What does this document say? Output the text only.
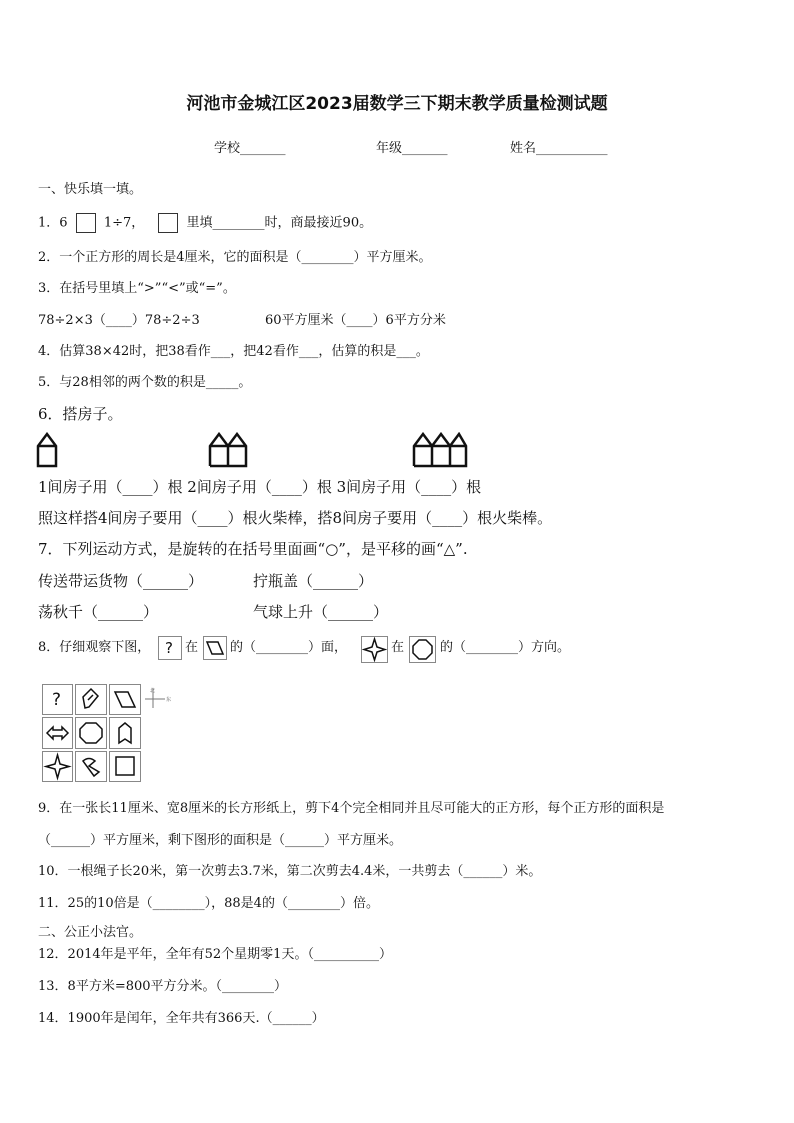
河池市金城江区2023届数学三下期末教学质量检测试题
学校_______	年级_______	姓名___________
一、快乐填一填。
1．6	1÷7，	里填________时，商最接近90。
2．一个正方形的周长是4厘米，它的面积是（________）平方厘米。
3．在括号里填上“>”“<”或“=”。
78÷2×3（____）78÷2÷3	60平方厘米（____）6平方分米
4．估算38×42时，把38看作___，把42看作___，估算的积是___。
5．与28相邻的两个数的积是_____。
6．搭房子。
1间房子用（____）根 2间房子用（____）根 3间房子用（____）根
照这样搭4间房子要用（____）根火柴棒，搭8间房子要用（____）根火柴棒。
7．下列运动方式，是旋转的在括号里面画“○”，是平移的画“△”.
传送带运货物（______）	拧瓶盖（______）
荡秋千（______）	气球上升（______）
8．仔细观察下图， ? 在 的（________）面，	在	的（________）方向。
?	北
东
9．在一张长11厘米、宽8厘米的长方形纸上，剪下4个完全相同并且尽可能大的正方形，每个正方形的面积是
（______）平方厘米，剩下图形的面积是（______）平方厘米。
10．一根绳子长20米，第一次剪去3.7米，第二次剪去4.4米，一共剪去（______）米。
11．25的10倍是（________），88是4的（________）倍。
二、公正小法官。
12．2014年是平年，全年有52个星期零1天。（__________）
13．8平方米=800平方分米。（________）
14．1900年是闰年，全年共有366天.（______）
